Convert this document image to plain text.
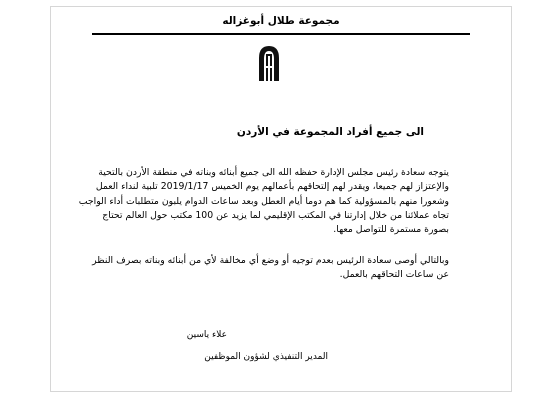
مجموعة طلال أبوغزاله
الى جميع أفراد المجموعة في الأردن
يتوجه سعادة رئيس مجلس الإدارة حفظه الله الى جميع أبنائه وبناته في منطقة الأردن بالتحية
والإعتزاز لهم جميعا، ويقدر لهم إلتحاقهم بأعمالهم يوم الخميس 2019/1/17 تلبية لنداء العمل
وشعورا منهم بالمسؤولية كما هم دوما أيام العطل وبعد ساعات الدوام يلبون متطلبات أداء الواجب
تجاه عملائنا من خلال إدارتنا في المكتب الإقليمي لما يزيد عن 100 مكتب حول العالم تحتاج
بصورة مستمرة للتواصل معها.
وبالتالي أوصى سعادة الرئيس بعدم توجيه أو وضع أي مخالفة لأي من أبنائه وبناته بصرف النظر
عن ساعات التحاقهم بالعمل.
علاء ياسين
المدير التنفيذي لشؤون الموظفين
